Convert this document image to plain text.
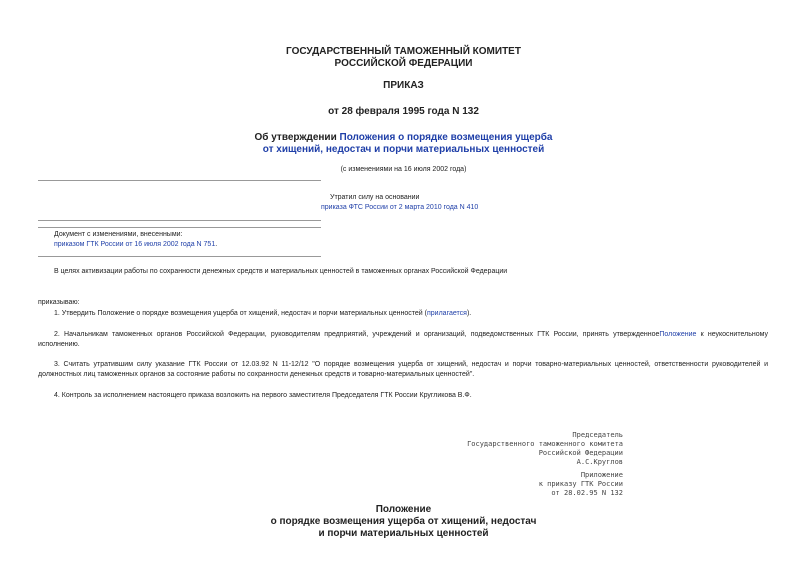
ГОСУДАРСТВЕННЫЙ ТАМОЖЕННЫЙ КОМИТЕТ
РОССИЙСКОЙ ФЕДЕРАЦИИ
ПРИКАЗ
от 28 февраля 1995 года N 132
Об утверждении Положения о порядке возмещения ущерба
от хищений, недостач и порчи материальных ценностей
(с изменениями на 16 июля 2002 года)
Утратил силу на основании
приказа ФТС России от 2 марта 2010 года N 410
Документ с изменениями, внесенными:
приказом ГТК России от 16 июля 2002 года N 751.
В целях активизации работы по сохранности денежных средств и материальных ценностей в таможенных органах Российской Федерации
приказываю:
1. Утвердить Положение о порядке возмещения ущерба от хищений, недостач и порчи материальных ценностей (прилагается).
2. Начальникам таможенных органов Российской Федерации, руководителям предприятий, учреждений и организаций, подведомственных ГТК России, принять утвержденноеПоложение к неукоснительному исполнению.
3. Считать утратившим силу указание ГТК России от 12.03.92 N 11-12/12 "О порядке возмещения ущерба от хищений, недостач и порчи товарно-материальных ценностей, ответственности руководителей и должностных лиц таможенных органов за состояние работы по сохранности денежных средств и товарно-материальных ценностей".
4. Контроль за исполнением настоящего приказа возложить на первого заместителя Председателя ГТК России Кругликова В.Ф.
Председатель
Государственного таможенного комитета
Российской Федерации
А.С.Круглов
Приложение
к приказу ГТК России
от 28.02.95 N 132
Положение
о порядке возмещения ущерба от хищений, недостач
и порчи материальных ценностей
